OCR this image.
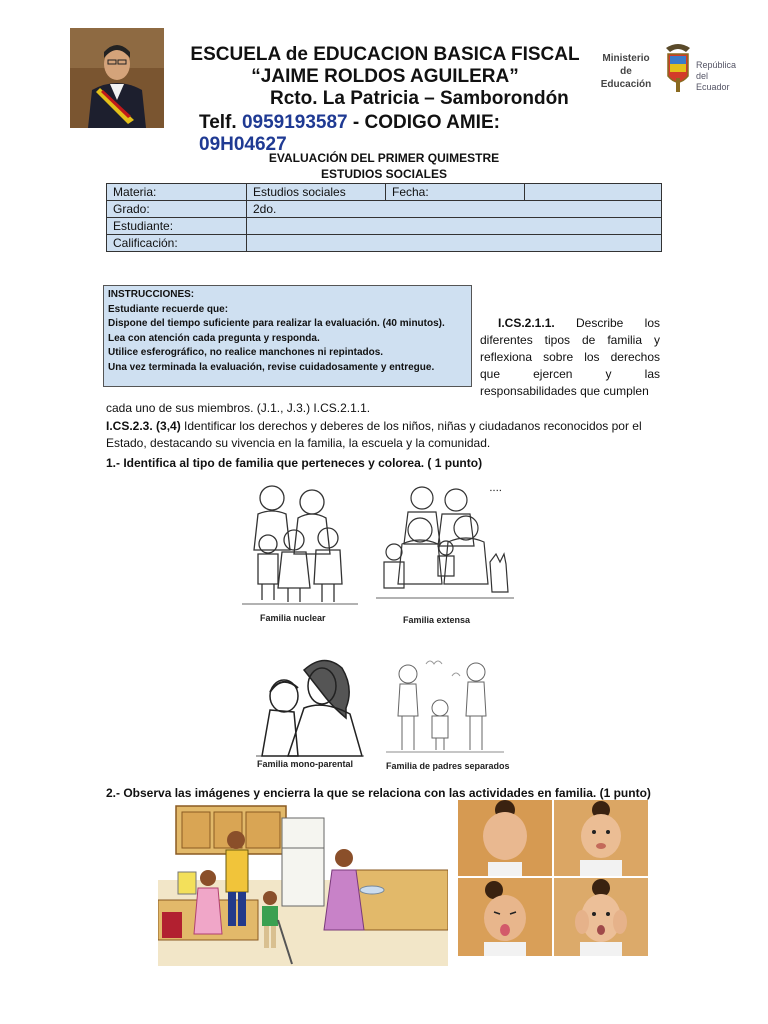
ESCUELA de EDUCACION BASICA FISCAL
“JAIME ROLDOS AGUILERA”
Rcto. La Patricia – Samborondón
Telf. 0959193587 - CODIGO AMIE: 09H04627
Ministerio de Educación
República del Ecuador
EVALUACIÓN DEL PRIMER QUIMESTRE
ESTUDIOS SOCIALES
Materia:	Estudios sociales	Fecha:	
Grado:	2do.		
Estudiante:			
Calificación:			
INSTRUCCIONES:
Estudiante recuerde que:
Dispone del tiempo suficiente para realizar la evaluación. (40 minutos).
Lea con atención cada pregunta y responda.
Utilice esferográfico, no realice manchones ni repintados.
Una vez terminada la evaluación, revise cuidadosamente y entregue.
I.CS.2.1.1. Describe los diferentes tipos de familia y reflexiona sobre los derechos que ejercen y las responsabilidades que cumplen
cada uno de sus miembros. (J.1., J.3.) I.CS.2.1.1.
I.CS.2.3. (3,4) Identificar los derechos y deberes de los niños, niñas y ciudadanos reconocidos por el Estado, destacando su vivencia en la familia, la escuela y la comunidad.
1.- Identifica al tipo de familia que perteneces y colorea. ( 1 punto)
Familia nuclear
▪ ▪ ▪ ▪
Familia extensa
Familia mono-parental	Familia de padres separados
2.- Observa las imágenes y encierra la que se relaciona con las actividades en familia. (1 punto)
